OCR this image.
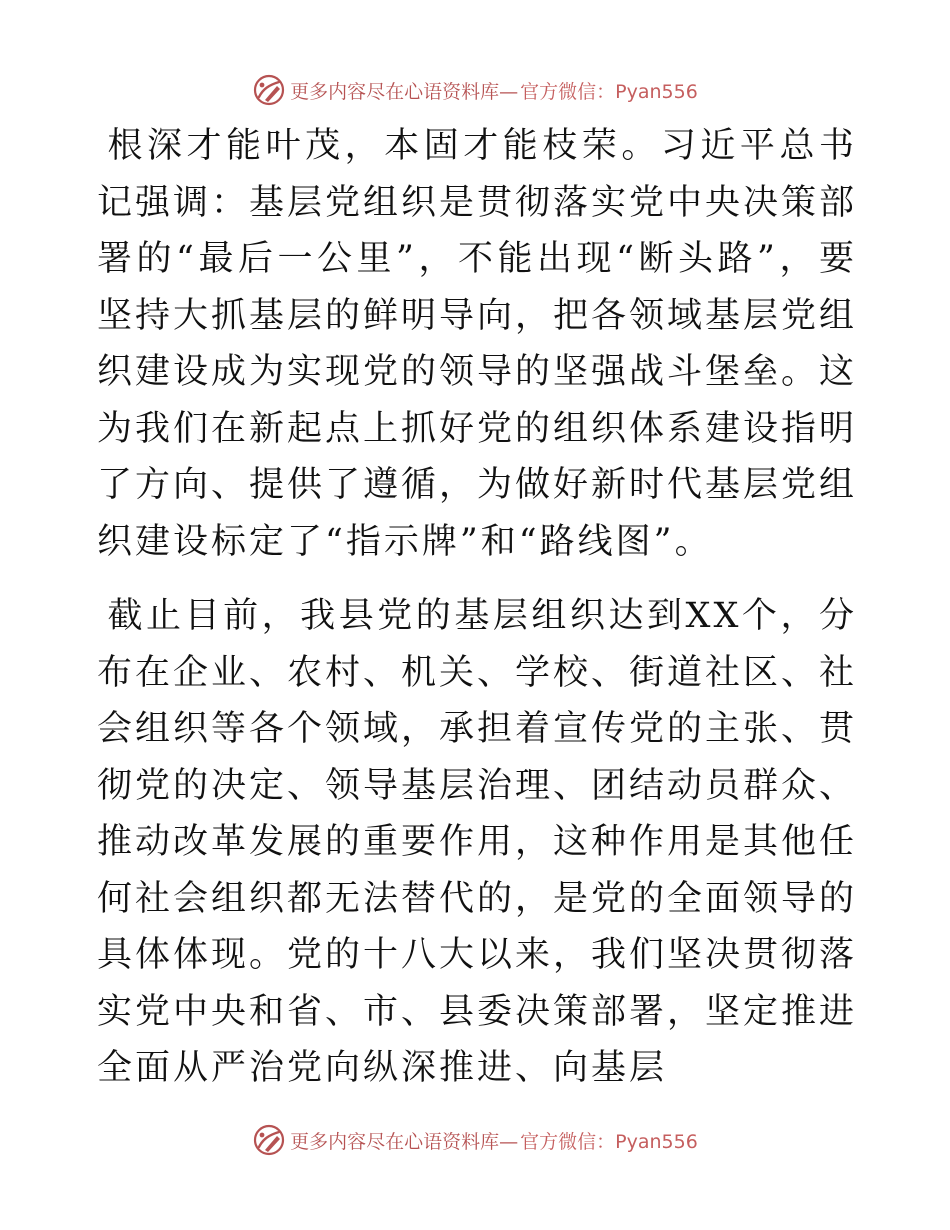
更多内容尽在心语资料库— 官方微信：Pyan556

根深才能叶茂，本固才能枝荣。习近平总书记强调：基层党组织是贯彻落实党中央决策部署的“最后一公里”，不能出现“断头路”，要坚持大抓基层的鲜明导向，把各领域基层党组织建设成为实现党的领导的坚强战斗堡垒。这为我们在新起点上抓好党的组织体系建设指明了方向、提供了遵循，为做好新时代基层党组织建设标定了“指示牌”和“路线图”。

截止目前，我县党的基层组织达到XX个，分布在企业、农村、机关、学校、街道社区、社会组织等各个领域，承担着宣传党的主张、贯彻党的决定、领导基层治理、团结动员群众、推动改革发展的重要作用，这种作用是其他任何社会组织都无法替代的，是党的全面领导的具体体现。党的十八大以来，我们坚决贯彻落实党中央和省、市、县委决策部署，坚定推进全面从严治党向纵深推进、向基层

更多内容尽在心语资料库— 官方微信：Pyan556
